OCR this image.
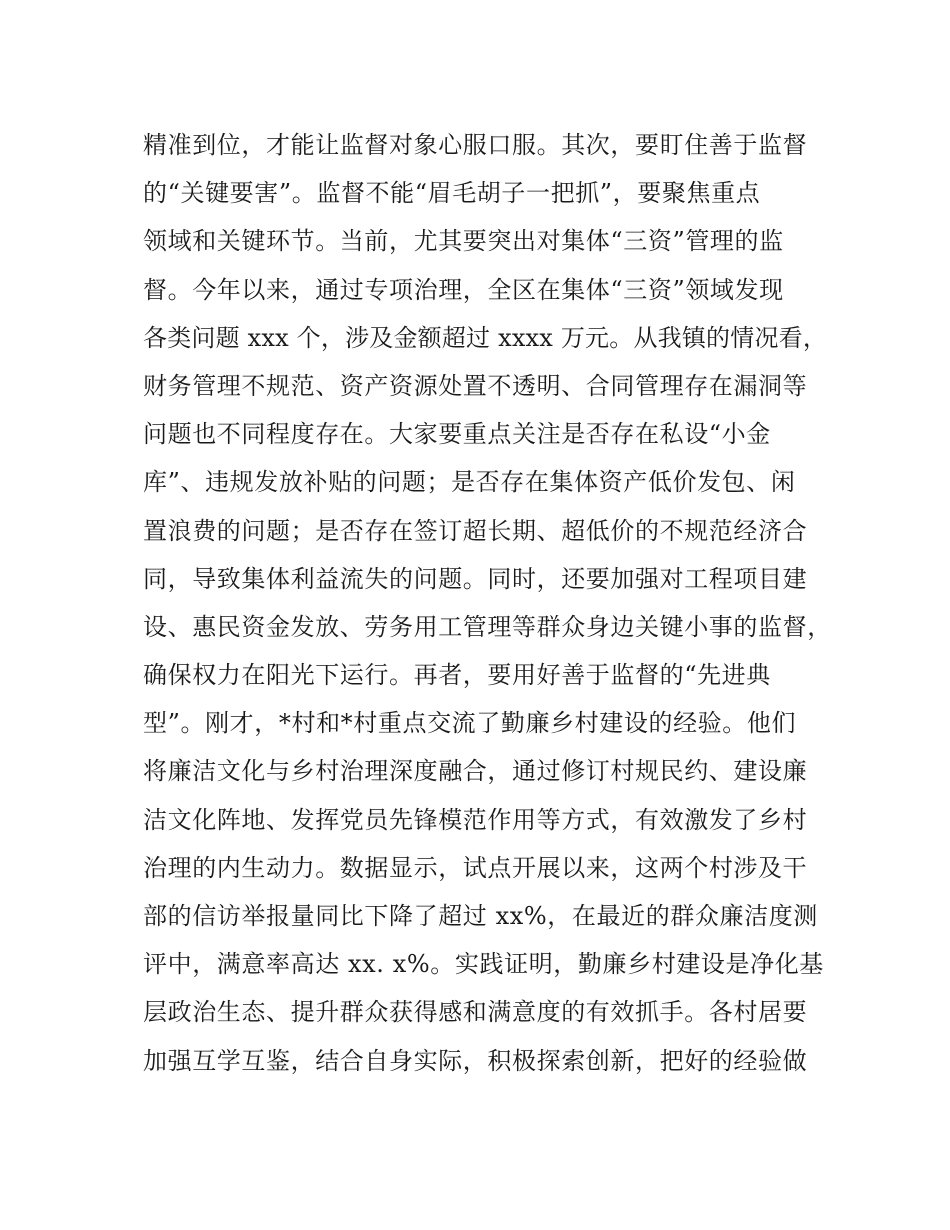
精准到位，才能让监督对象心服口服。其次，要盯住善于监督
的“关键要害”。监督不能“眉毛胡子一把抓”，要聚焦重点
领域和关键环节。当前，尤其要突出对集体“三资”管理的监
督。今年以来，通过专项治理，全区在集体“三资”领域发现
各类问题 xxx 个，涉及金额超过 xxxx 万元。从我镇的情况看，
财务管理不规范、资产资源处置不透明、合同管理存在漏洞等
问题也不同程度存在。大家要重点关注是否存在私设“小金
库”、违规发放补贴的问题；是否存在集体资产低价发包、闲
置浪费的问题；是否存在签订超长期、超低价的不规范经济合
同，导致集体利益流失的问题。同时，还要加强对工程项目建
设、惠民资金发放、劳务用工管理等群众身边关键小事的监督，
确保权力在阳光下运行。再者，要用好善于监督的“先进典
型”。刚才，*村和*村重点交流了勤廉乡村建设的经验。他们
将廉洁文化与乡村治理深度融合，通过修订村规民约、建设廉
洁文化阵地、发挥党员先锋模范作用等方式，有效激发了乡村
治理的内生动力。数据显示，试点开展以来，这两个村涉及干
部的信访举报量同比下降了超过 xx%，在最近的群众廉洁度测
评中，满意率高达 xx. x%。实践证明，勤廉乡村建设是净化基
层政治生态、提升群众获得感和满意度的有效抓手。各村居要
加强互学互鉴，结合自身实际，积极探索创新，把好的经验做
